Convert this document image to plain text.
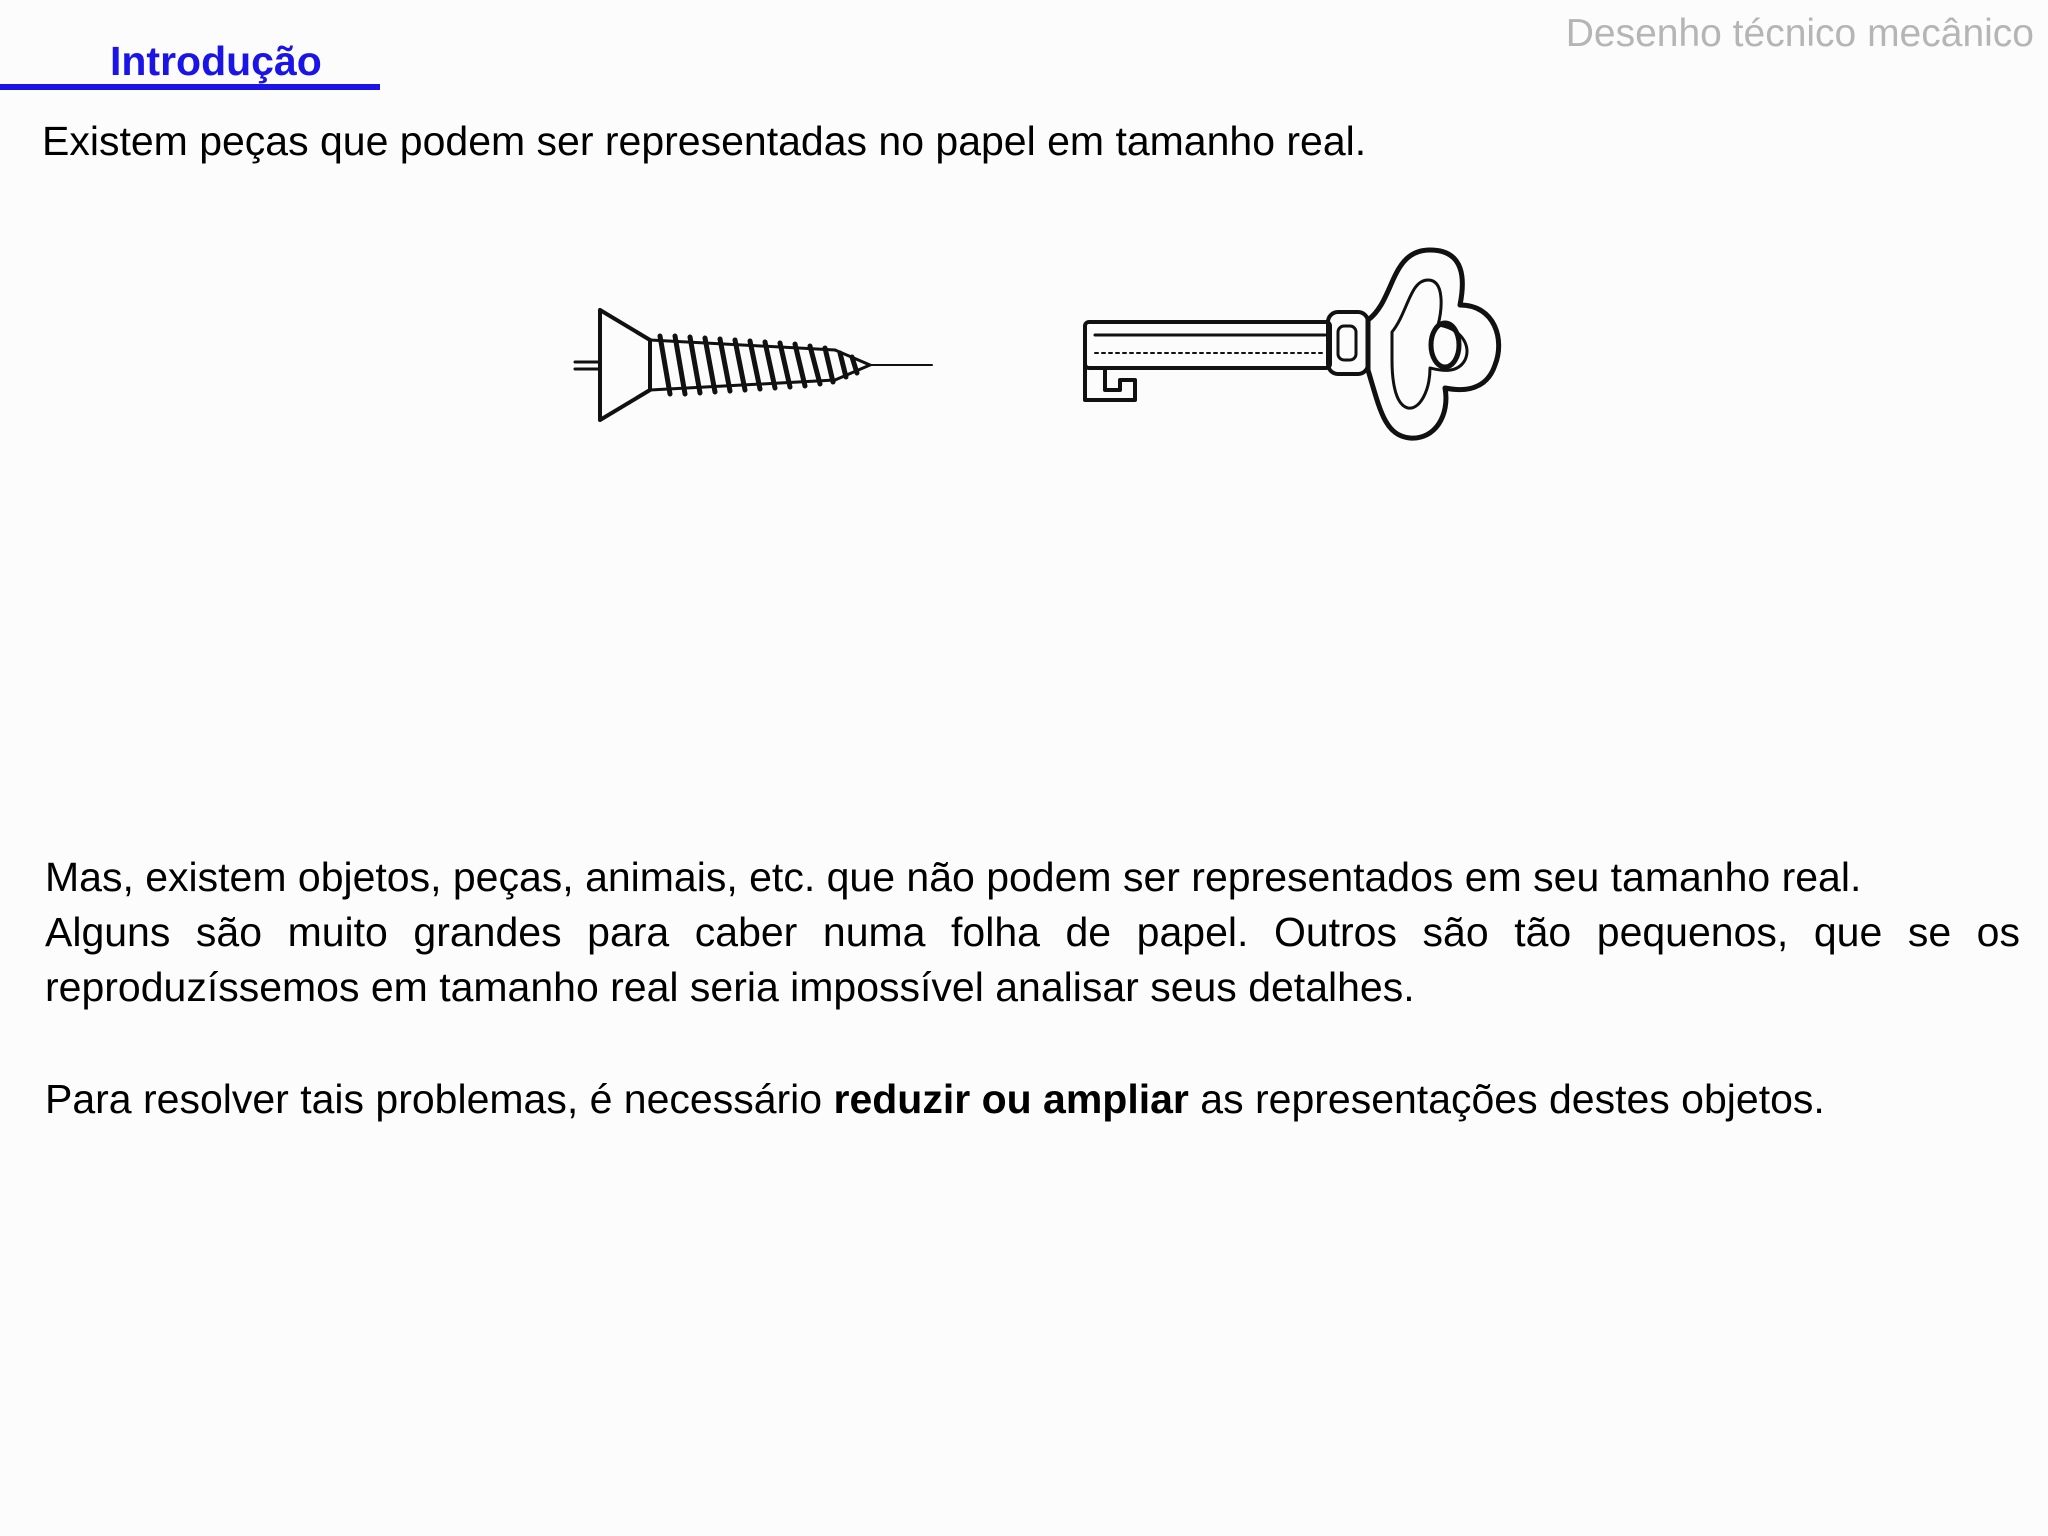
Desenho técnico mecânico
Introdução
Existem peças que podem ser representadas no papel em tamanho real.

Mas, existem objetos, peças, animais, etc. que não podem ser representados em seu tamanho real.

Alguns são muito grandes para caber numa folha de papel. Outros são tão pequenos, que se os reproduzíssemos em tamanho real seria impossível analisar seus detalhes.

Para resolver tais problemas, é necessário reduzir ou ampliar as representações destes objetos.
